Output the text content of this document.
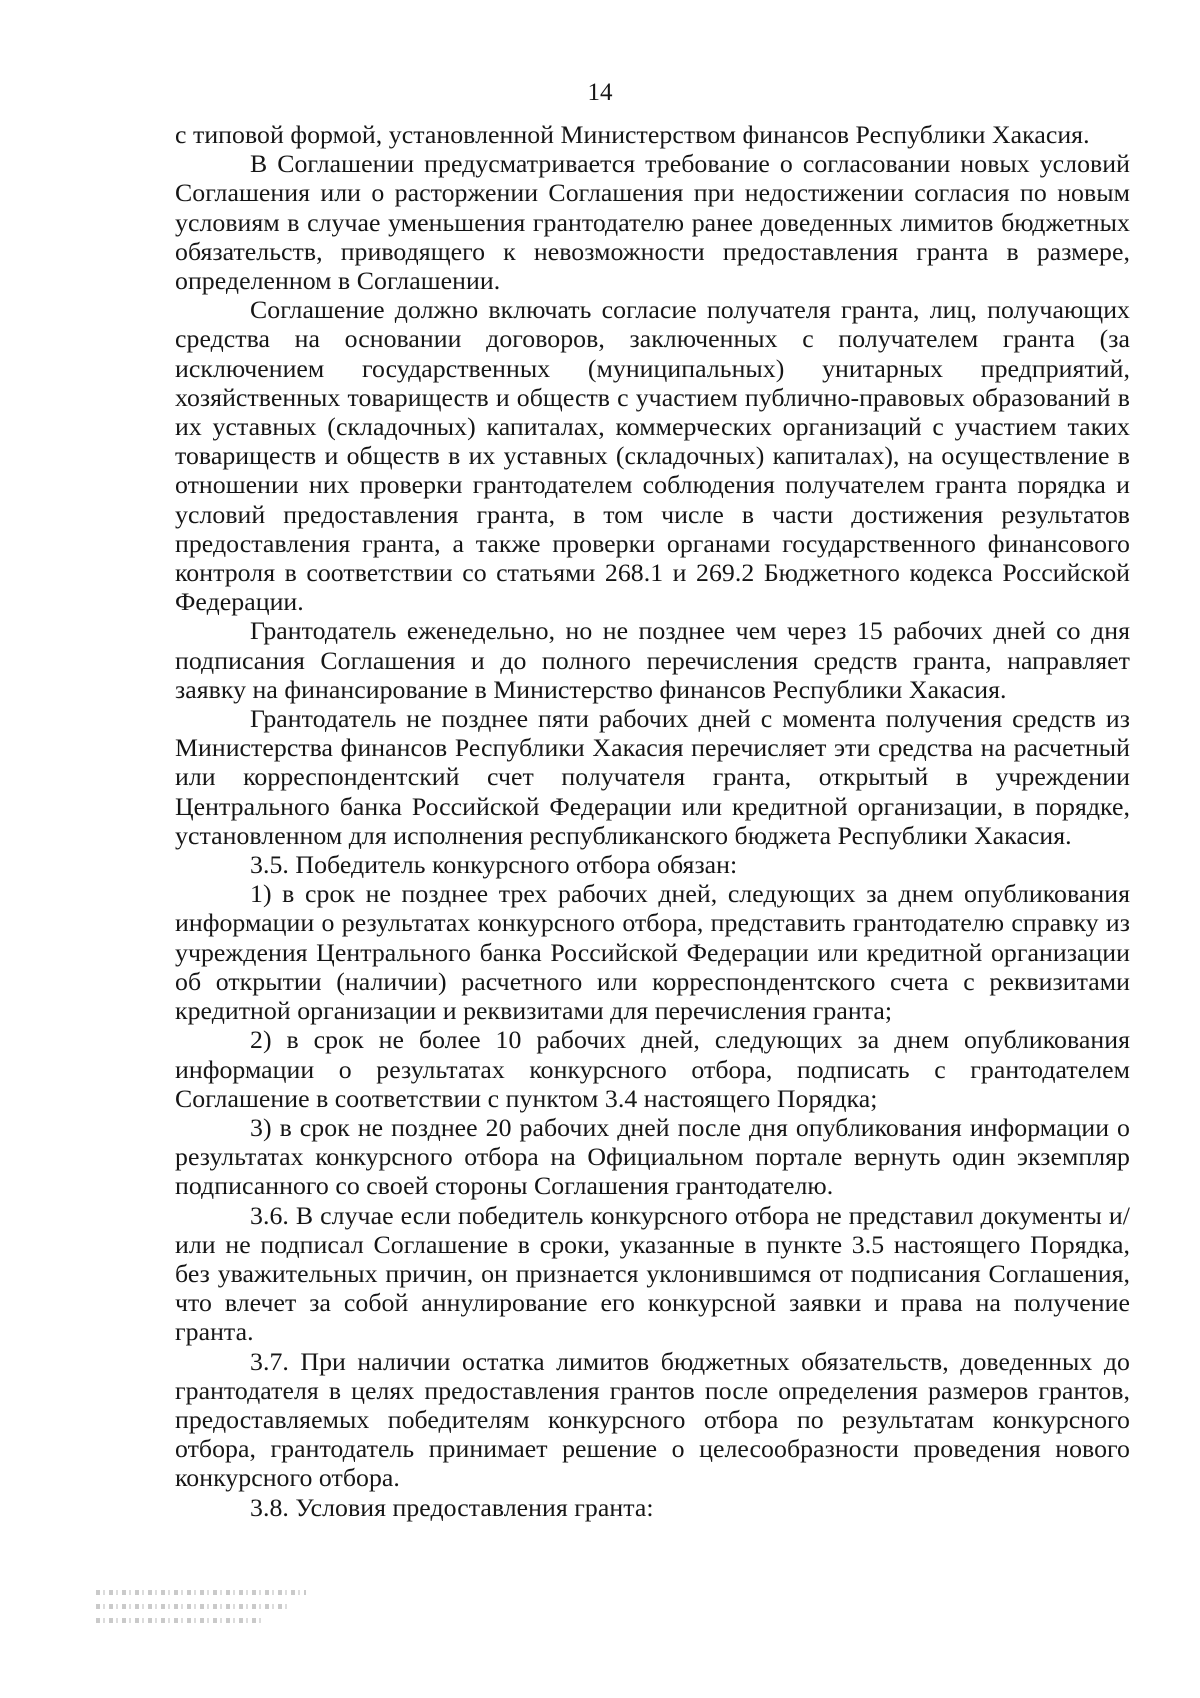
14

с типовой формой, установленной Министерством финансов Республики Хакасия.

В Соглашении предусматривается требование о согласовании новых условий Соглашения или о расторжении Соглашения при недостижении согласия по новым условиям в случае уменьшения грантодателю ранее доведенных лимитов бюджетных обязательств, приводящего к невозможности предоставления гранта в размере, определенном в Соглашении.

Соглашение должно включать согласие получателя гранта, лиц, получающих средства на основании договоров, заключенных с получателем гранта (за исключением государственных (муниципальных) унитарных предприятий, хозяйственных товариществ и обществ с участием публично-правовых образований в их уставных (складочных) капиталах, коммерческих организаций с участием таких товариществ и обществ в их уставных (складочных) капиталах), на осуществление в отношении них проверки грантодателем соблюдения получателем гранта порядка и условий предоставления гранта, в том числе в части достижения результатов предоставления гранта, а также проверки органами государственного финансового контроля в соответствии со статьями 268.1 и 269.2 Бюджетного кодекса Российской Федерации.

Грантодатель еженедельно, но не позднее чем через 15 рабочих дней со дня подписания Соглашения и до полного перечисления средств гранта, направляет заявку на финансирование в Министерство финансов Республики Хакасия.

Грантодатель не позднее пяти рабочих дней с момента получения средств из Министерства финансов Республики Хакасия перечисляет эти средства на расчетный или корреспондентский счет получателя гранта, открытый в учреждении Центрального банка Российской Федерации или кредитной организации, в порядке, установленном для исполнения республиканского бюджета Республики Хакасия.

3.5. Победитель конкурсного отбора обязан:

1) в срок не позднее трех рабочих дней, следующих за днем опубликования информации о результатах конкурсного отбора, представить грантодателю справку из учреждения Центрального банка Российской Федерации или кредитной организации об открытии (наличии) расчетного или корреспондентского счета с реквизитами кредитной организации и реквизитами для перечисления гранта;

2) в срок не более 10 рабочих дней, следующих за днем опубликования информации о результатах конкурсного отбора, подписать с грантодателем Соглашение в соответствии с пунктом 3.4 настоящего Порядка;

3) в срок не позднее 20 рабочих дней после дня опубликования информации о результатах конкурсного отбора на Официальном портале вернуть один экземпляр подписанного со своей стороны Соглашения грантодателю.

3.6. В случае если победитель конкурсного отбора не представил документы и/или не подписал Соглашение в сроки, указанные в пункте 3.5 настоящего Порядка, без уважительных причин, он признается уклонившимся от подписания Соглашения, что влечет за собой аннулирование его конкурсной заявки и права на получение гранта.

3.7. При наличии остатка лимитов бюджетных обязательств, доведенных до грантодателя в целях предоставления грантов после определения размеров грантов, предоставляемых победителям конкурсного отбора по результатам конкурсного отбора, грантодатель принимает решение о целесообразности проведения нового конкурсного отбора.

3.8. Условия предоставления гранта:
